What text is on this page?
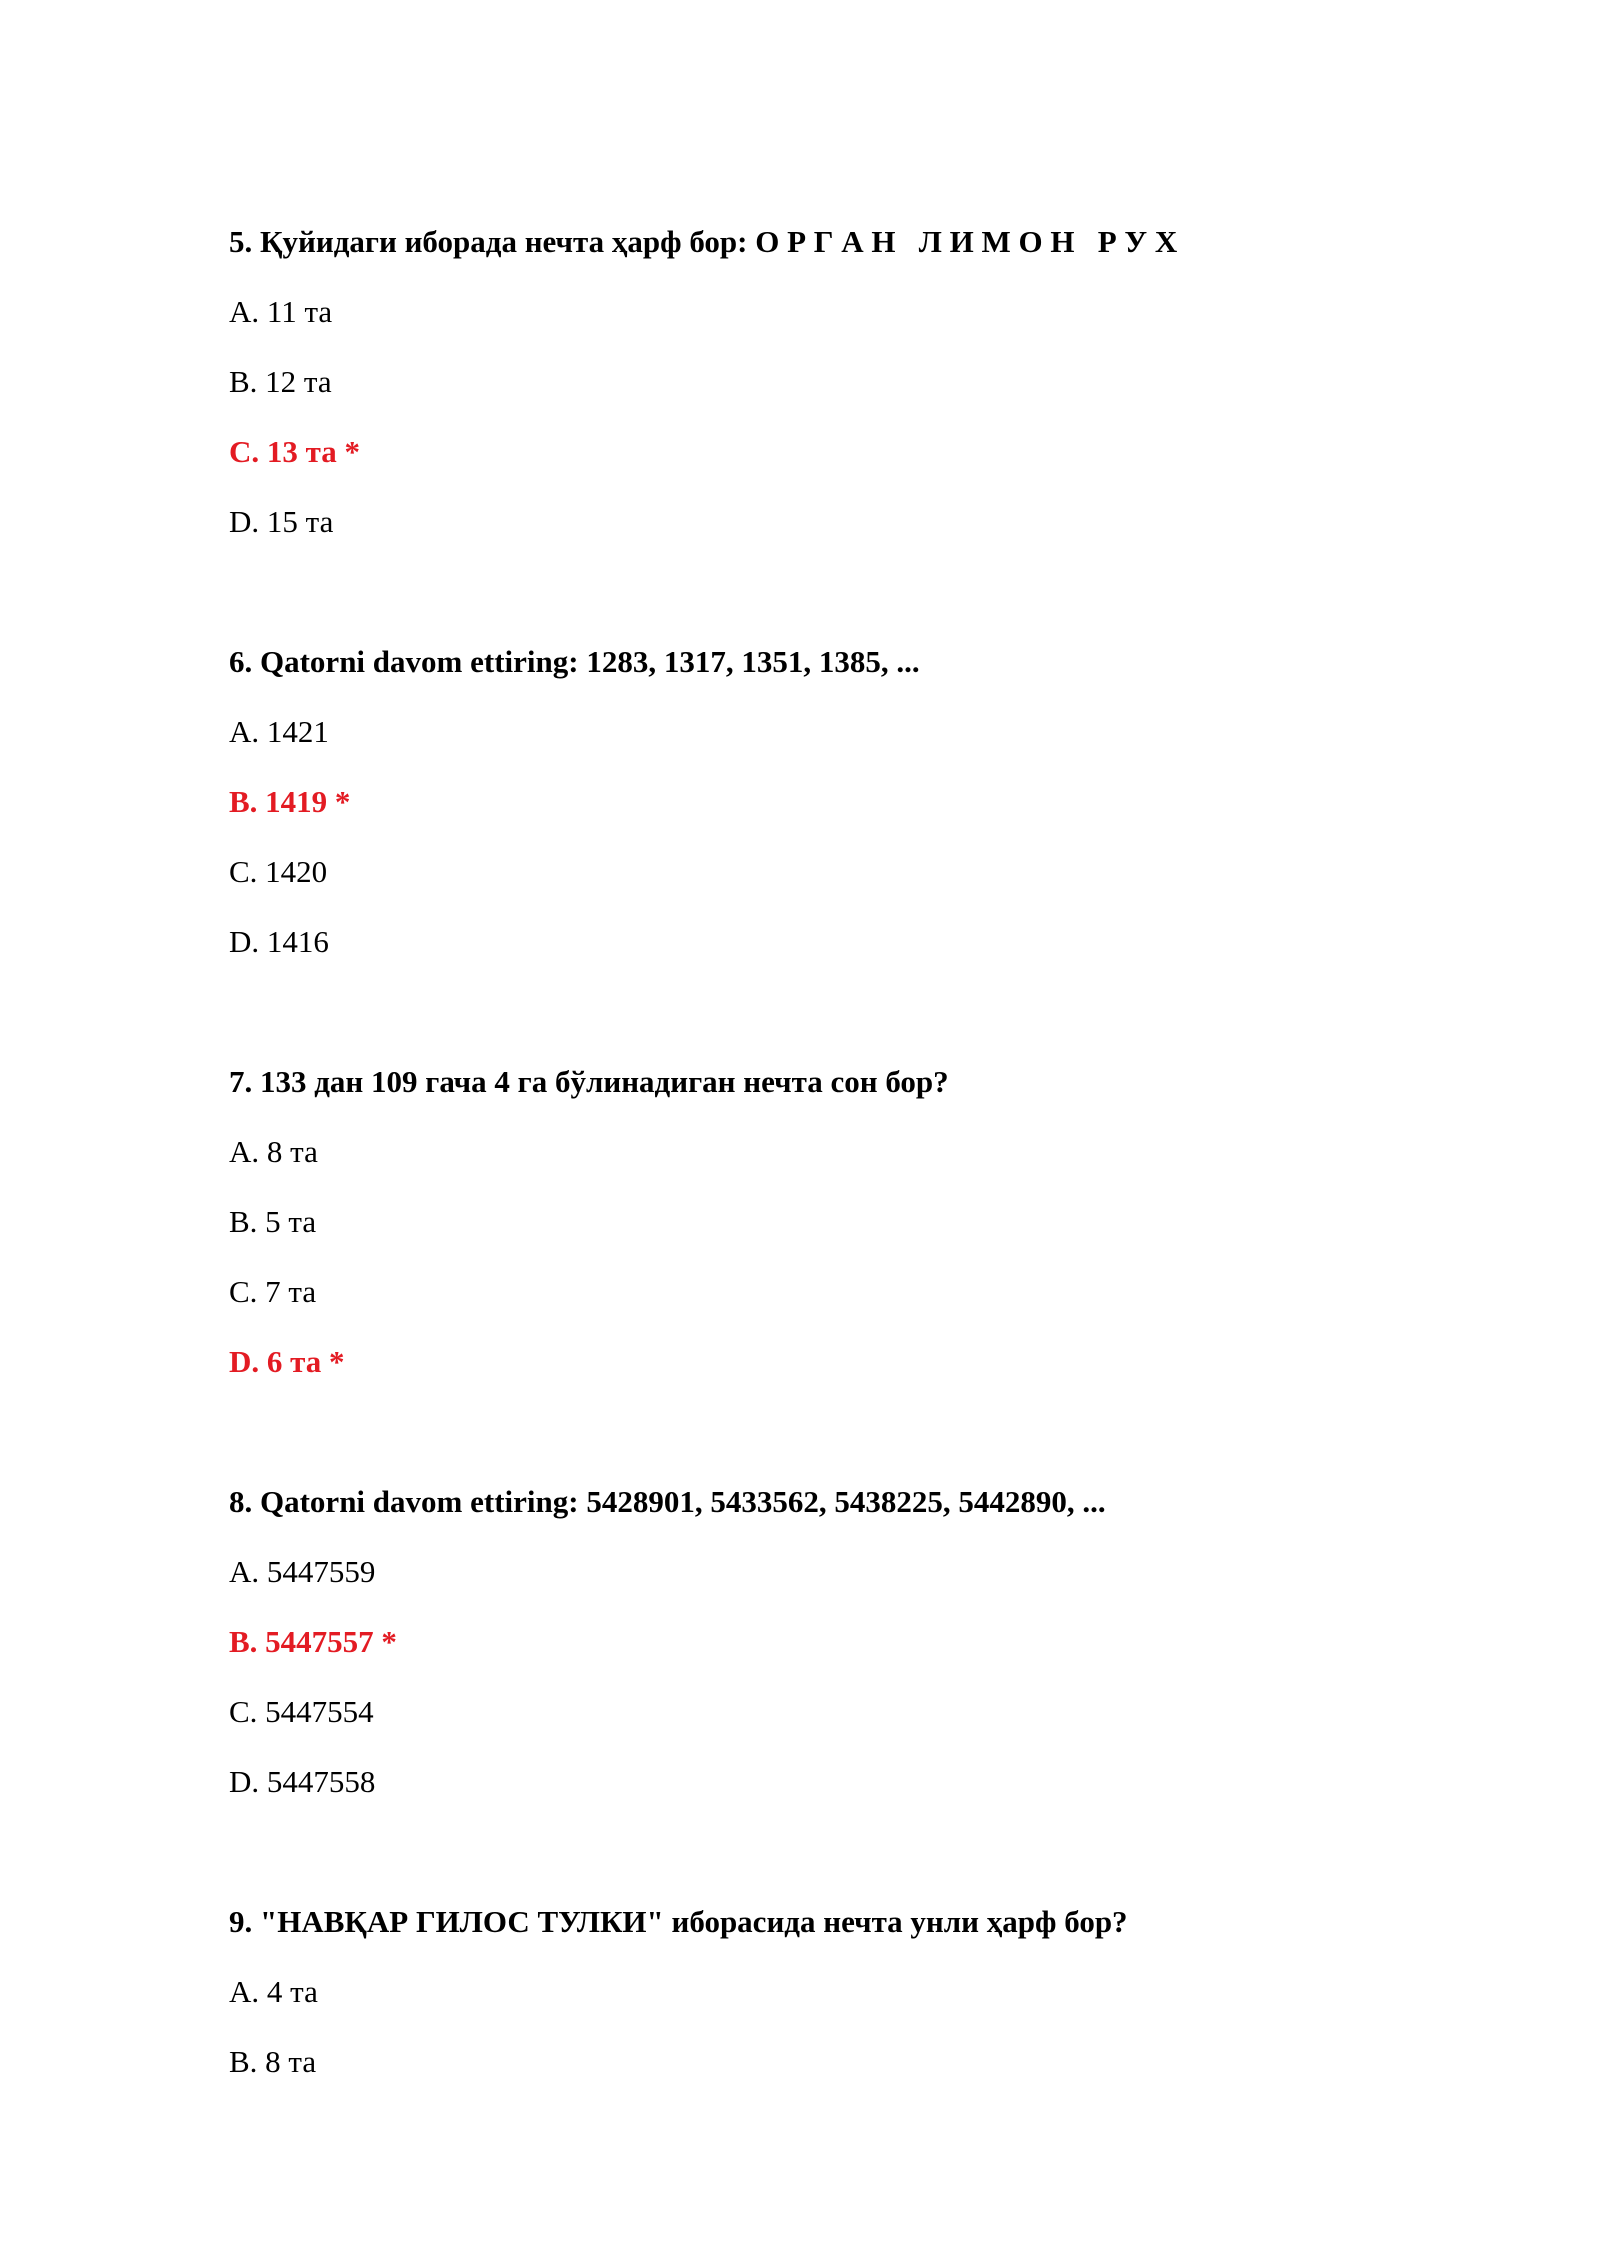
5. Қуйидаги иборада нечта ҳарф бор: О Р Г А Н   Л И М О Н   Р У Х
A. 11 та
B. 12 та
C. 13 та *
D. 15 та
6. Qatorni davom ettiring: 1283, 1317, 1351, 1385, ...
A. 1421
B. 1419 *
C. 1420
D. 1416
7. 133 дан 109 гача 4 га бўлинадиган нечта сон бор?
A. 8 та
B. 5 та
C. 7 та
D. 6 та *
8. Qatorni davom ettiring: 5428901, 5433562, 5438225, 5442890, ...
A. 5447559
B. 5447557 *
C. 5447554
D. 5447558
9. "НАВҚАР ГИЛОС ТУЛКИ" иборасида нечта унли ҳарф бор?
A. 4 та
B. 8 та
